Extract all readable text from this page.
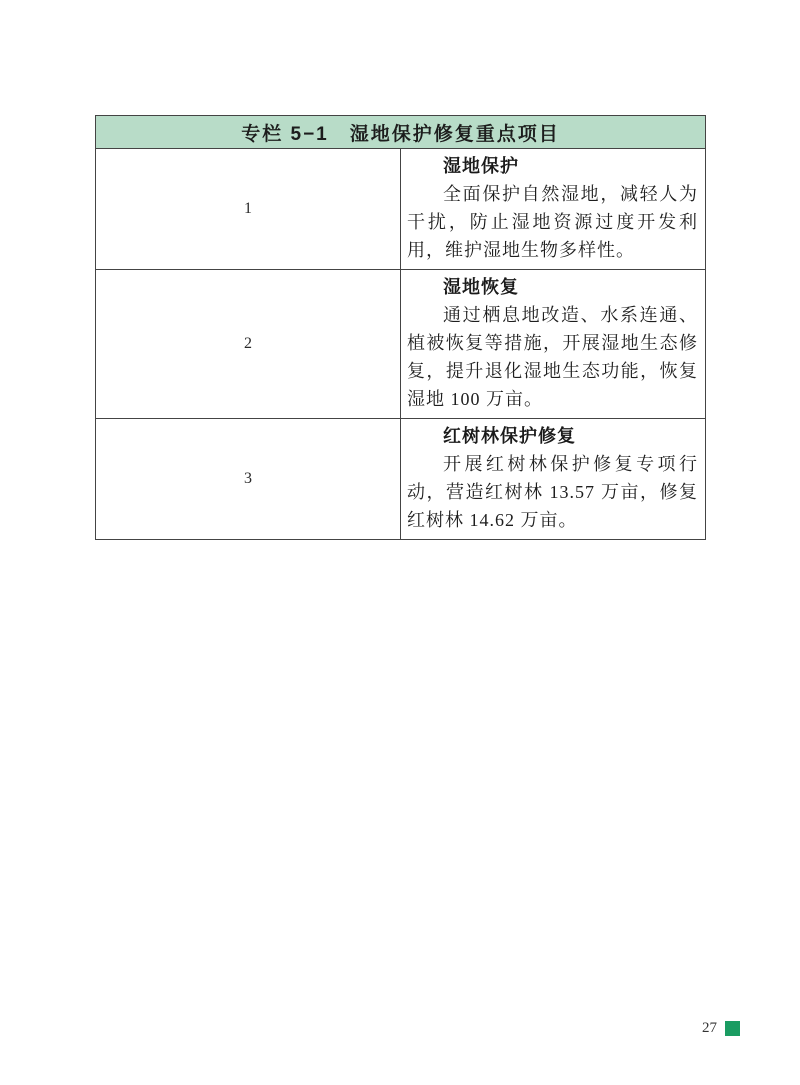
专栏 5−1　湿地保护修复重点项目	
1	湿地保护

全面保护自然湿地，减轻人为干扰，防止湿地资源过度开发利用，维护湿地生物多样性。

2	湿地恢复

通过栖息地改造、水系连通、植被恢复等措施，开展湿地生态修复，提升退化湿地生态功能，恢复湿地 100 万亩。

3	红树林保护修复

开展红树林保护修复专项行动，营造红树林 13.57 万亩，修复红树林 14.62 万亩。

27
